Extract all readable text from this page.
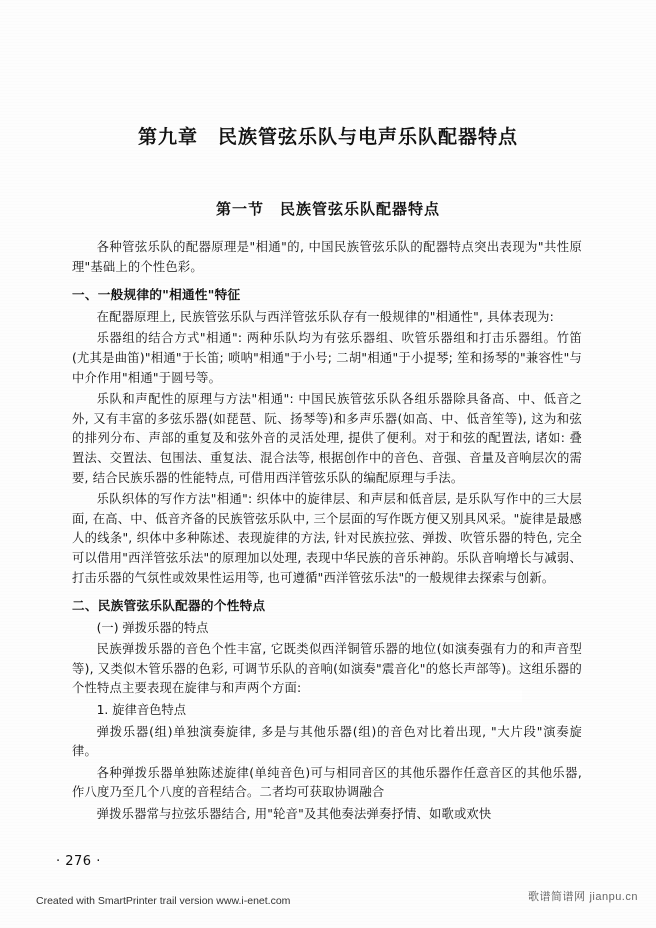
第九章　民族管弦乐队与电声乐队配器特点
第一节　民族管弦乐队配器特点

各种管弦乐队的配器原理是"相通"的, 中国民族管弦乐队的配器特点突出表现为"共性原理"基础上的个性色彩。

一、一般规律的"相通性"特征

在配器原理上, 民族管弦乐队与西洋管弦乐队存有一般规律的"相通性", 具体表现为:

乐器组的结合方式"相通": 两种乐队均为有弦乐器组、吹管乐器组和打击乐器组。竹笛(尤其是曲笛)"相通"于长笛; 唢呐"相通"于小号; 二胡"相通"于小提琴; 笙和扬琴的"兼容性"与中介作用"相通"于圆号等。

乐队和声配性的原理与方法"相通": 中国民族管弦乐队各组乐器除具备高、中、低音之外, 又有丰富的多弦乐器(如琵琶、阮、扬琴等)和多声乐器(如高、中、低音笙等), 这为和弦的排列分布、声部的重复及和弦外音的灵活处理, 提供了便利。对于和弦的配置法, 诸如: 叠置法、交置法、包围法、重复法、混合法等, 根据创作中的音色、音强、音量及音响层次的需要, 结合民族乐器的性能特点, 可借用西洋管弦乐队的编配原理与手法。

乐队织体的写作方法"相通": 织体中的旋律层、和声层和低音层, 是乐队写作中的三大层面, 在高、中、低音齐备的民族管弦乐队中, 三个层面的写作既方便又别具风采。"旋律是最感人的线条", 织体中多种陈述、表现旋律的方法, 针对民族拉弦、弹拨、吹管乐器的特色, 完全可以借用"西洋管弦乐法"的原理加以处理, 表现中华民族的音乐神韵。乐队音响增长与减弱、打击乐器的气氛性或效果性运用等, 也可遵循"西洋管弦乐法"的一般规律去探索与创新。

二、民族管弦乐队配器的个性特点

(一) 弹拨乐器的特点

民族弹拨乐器的音色个性丰富, 它既类似西洋铜管乐器的地位(如演奏强有力的和声音型等), 又类似木管乐器的色彩, 可调节乐队的音响(如演奏"震音化"的悠长声部等)。这组乐器的个性特点主要表现在旋律与和声两个方面:

1. 旋律音色特点

弹拨乐器(组)单独演奏旋律, 多是与其他乐器(组)的音色对比着出现, "大片段"演奏旋律。

各种弹拨乐器单独陈述旋律(单纯音色)可与相同音区的其他乐器作任意音区的其他乐器, 作八度乃至几个八度的音程结合。二者均可获取协调融合

弹拨乐器常与拉弦乐器结合, 用"轮音"及其他奏法弹奏抒情、如歌或欢快

· 276 ·
Created with SmartPrinter trail version www.i-enet.com	歌谱简谱网 jianpu.cn
